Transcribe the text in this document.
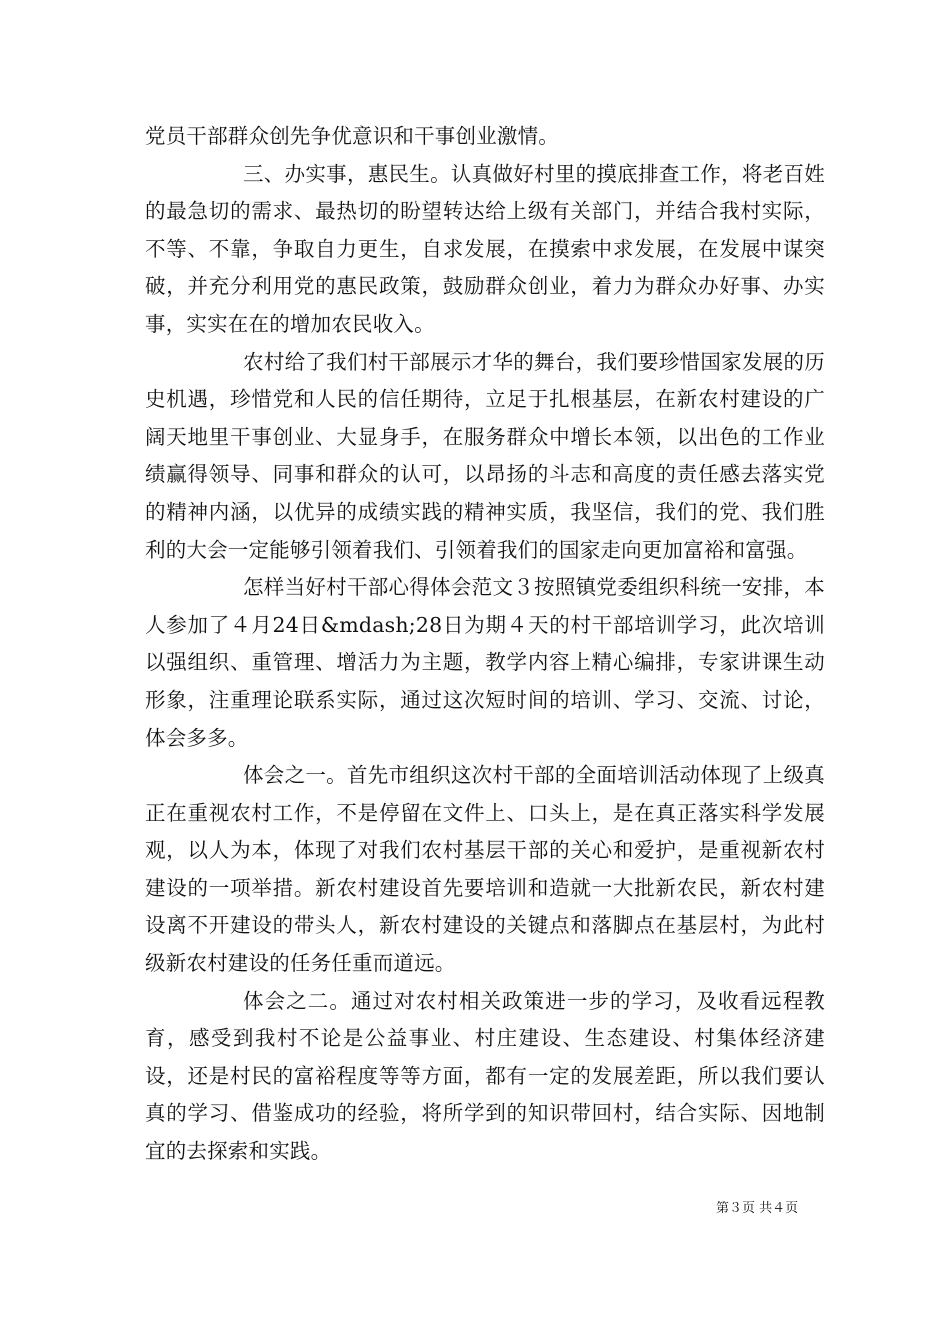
党员干部群众创先争优意识和干事创业激情。

三、办实事，惠民生。认真做好村里的摸底排查工作，将老百姓的最急切的需求、最热切的盼望转达给上级有关部门，并结合我村实际，不等、不靠，争取自力更生，自求发展，在摸索中求发展，在发展中谋突破，并充分利用党的惠民政策，鼓励群众创业，着力为群众办好事、办实事，实实在在的增加农民收入。

农村给了我们村干部展示才华的舞台，我们要珍惜国家发展的历史机遇，珍惜党和人民的信任期待，立足于扎根基层，在新农村建设的广阔天地里干事创业、大显身手，在服务群众中增长本领，以出色的工作业绩赢得领导、同事和群众的认可，以昂扬的斗志和高度的责任感去落实党的精神内涵，以优异的成绩实践的精神实质，我坚信，我们的党、我们胜利的大会一定能够引领着我们、引领着我们的国家走向更加富裕和富强。

怎样当好村干部心得体会范文３按照镇党委组织科统一安排，本人参加了４月24日&mdash;28日为期４天的村干部培训学习，此次培训以强组织、重管理、增活力为主题，教学内容上精心编排，专家讲课生动形象，注重理论联系实际，通过这次短时间的培训、学习、交流、讨论，体会多多。

体会之一。首先市组织这次村干部的全面培训活动体现了上级真正在重视农村工作，不是停留在文件上、口头上，是在真正落实科学发展观，以人为本，体现了对我们农村基层干部的关心和爱护，是重视新农村建设的一项举措。新农村建设首先要培训和造就一大批新农民，新农村建设离不开建设的带头人，新农村建设的关键点和落脚点在基层村，为此村级新农村建设的任务任重而道远。

体会之二。通过对农村相关政策进一步的学习，及收看远程教育，感受到我村不论是公益事业、村庄建设、生态建设、村集体经济建设，还是村民的富裕程度等等方面，都有一定的发展差距，所以我们要认真的学习、借鉴成功的经验，将所学到的知识带回村，结合实际、因地制宜的去探索和实践。

第３页 共４页
